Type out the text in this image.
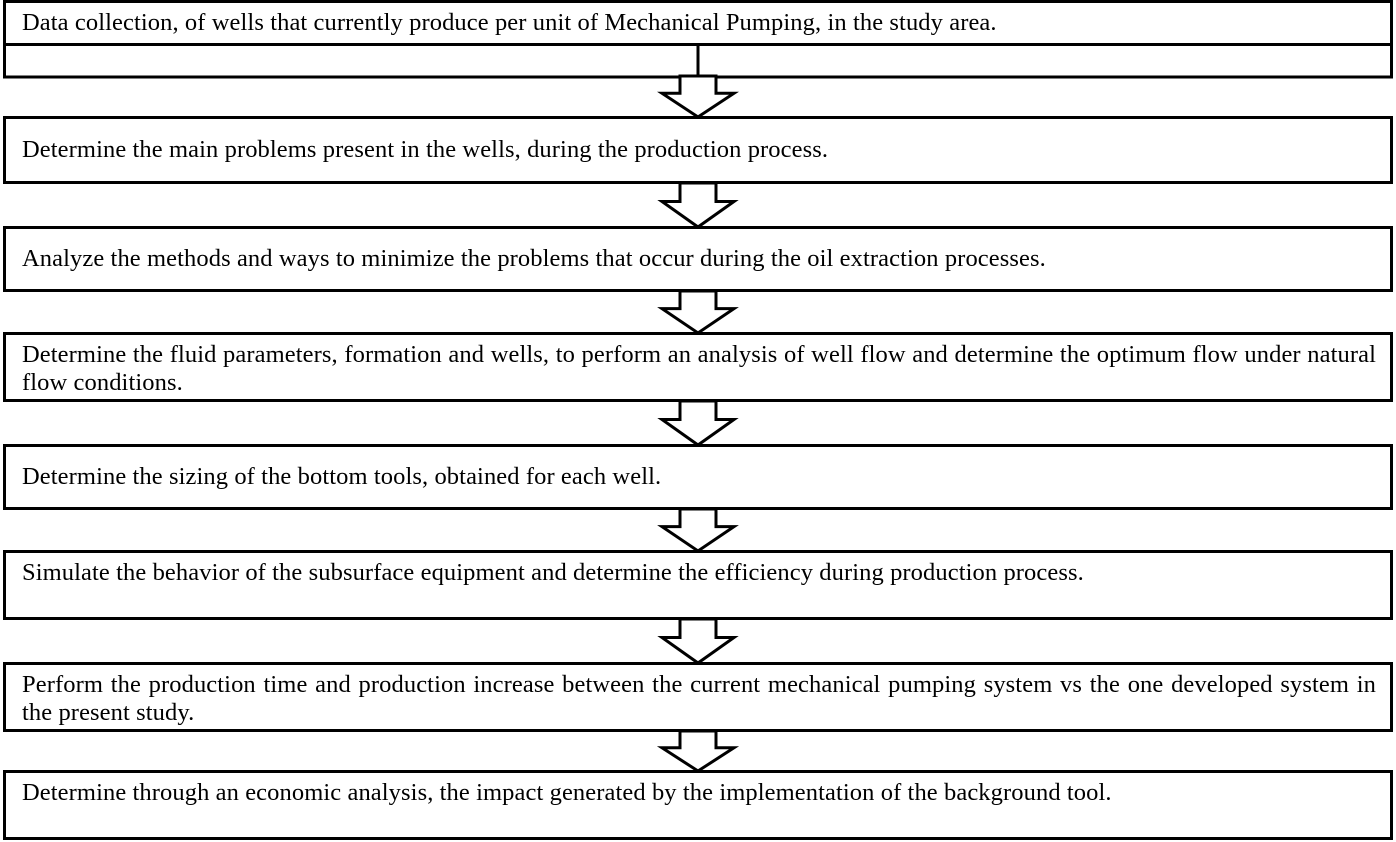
Data collection, of wells that currently produce per unit of Mechanical Pumping, in the study area.
Determine the main problems present in the wells, during the production process.
Analyze the methods and ways to minimize the problems that occur during the oil extraction processes.
Determine the fluid parameters, formation and wells, to perform an analysis of well flow and determine the optimum flow under natural flow conditions.
Determine the sizing of the bottom tools, obtained for each well.
Simulate the behavior of the subsurface equipment and determine the efficiency during production process.
Perform the production time and production increase between the current mechanical pumping system vs the one developed system in the present study.
Determine through an economic analysis, the impact generated by the implementation of the background tool.
